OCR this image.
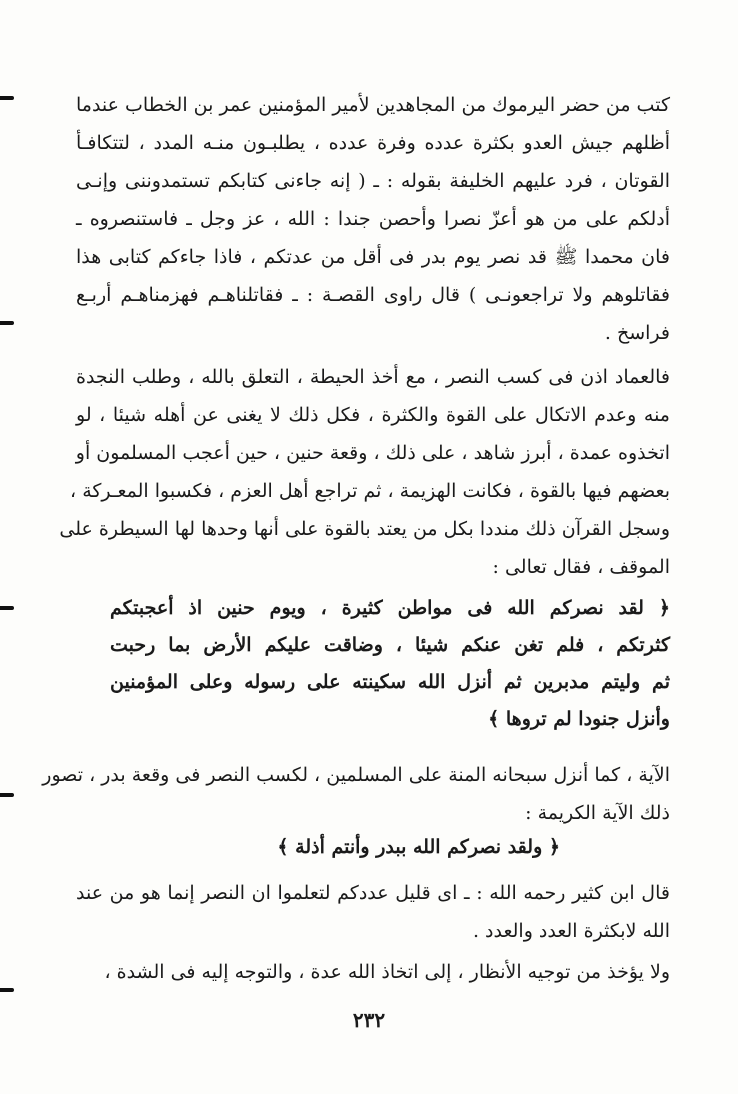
كتب من حضر اليرموك من المجاهدين لأمير المؤمنين عمر بن الخطاب عندما
أظلهم جيش العدو بكثرة عدده وفرة عدده ، يطلبـون منـه المدد ، لتتكافـأ
القوتان ، فرد عليهم الخليفة بقوله : ـ ( إنه جاءنى كتابكم تستمدوننى وإنـى
أدلكم على من هو أعزّ نصرا وأحصن جندا : الله ، عز وجل ـ فاستنصروه ـ
فان محمدا ﷺ قد نصر يوم بدر فى أقل من عدتكم ، فاذا جاءكم كتابى هذا
فقاتلوهم ولا تراجعونـى ) قال راوى القصـة : ـ فقاتلناهـم فهزمناهـم أربـع
فراسخ .
فالعماد اذن فى كسب النصر ، مع أخذ الحيطة ، التعلق بالله ، وطلب النجدة
منه وعدم الاتكال على القوة والكثرة ، فكل ذلك لا يغنى عن أهله شيئا ، لو
اتخذوه عمدة ، أبرز شاهد ، على ذلك ، وقعة حنين ، حين أعجب المسلمون أو
بعضهم فيها بالقوة ، فكانت الهزيمة ، ثم تراجع أهل العزم ، فكسبوا المعـركة ،
وسجل القرآن ذلك منددا بكل من يعتد بالقوة على أنها وحدها لها السيطرة على
الموقف ، فقال تعالى :
﴿ لقد نصركم الله فى مواطن كثيرة ، ويوم حنين اذ أعجبتكم
كثرتكم ، فلم تغن عنكم شيئا ، وضاقت عليكم الأرض بما رحبت
ثم وليتم مدبرين ثم أنزل الله سكينته على رسوله وعلى المؤمنين
وأنزل جنودا لم تروها ﴾
الآية ، كما أنزل سبحانه المنة على المسلمين ، لكسب النصر فى وقعة بدر ، تصور
ذلك الآية الكريمة :
﴿ ولقد نصركم الله ببدر وأنتم أذلة ﴾
قال ابن كثير رحمه الله : ـ اى قليل عددكم لتعلموا ان النصر إنما هو من عند
الله لابكثرة العدد والعدد .
ولا يؤخذ من توجيه الأنظار ، إلى اتخاذ الله عدة ، والتوجه إليه فى الشدة ،
٢٣٢
